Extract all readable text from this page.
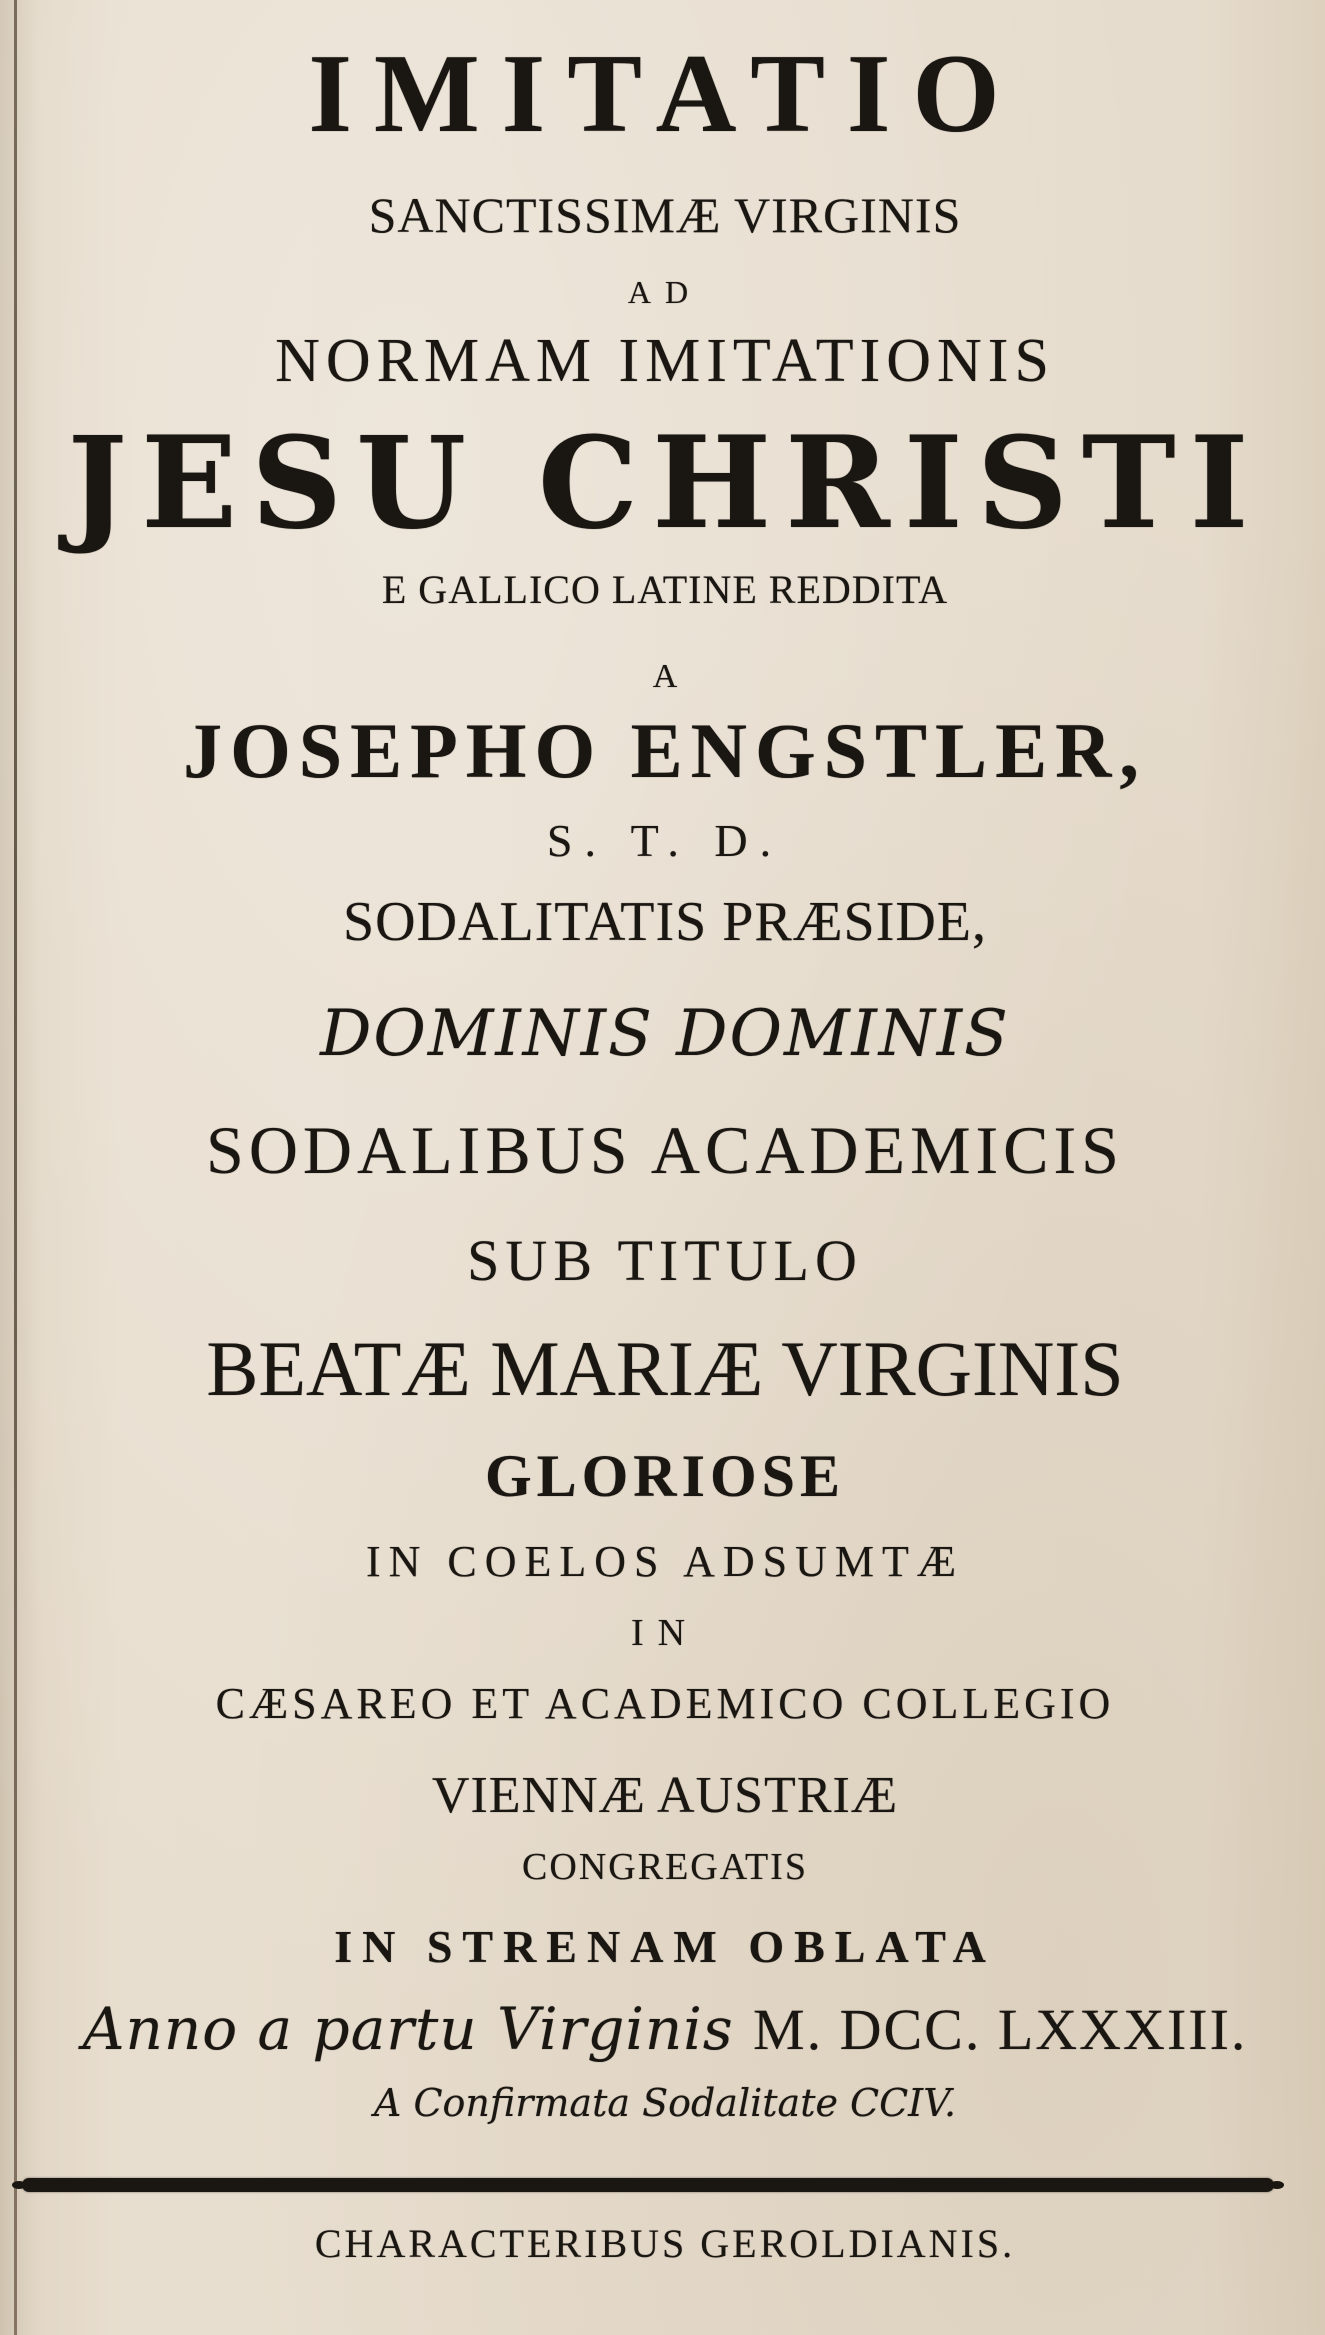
IMITATIO
SANCTISSIMÆ VIRGINIS
AD
NORMAM IMITATIONIS
JESU CHRISTI
E GALLICO LATINE REDDITA
A
JOSEPHO ENGSTLER,
S. T. D.
SODALITATIS PRÆSIDE,
DOMINIS DOMINIS
SODALIBUS ACADEMICIS
SUB TITULO
BEATÆ MARIÆ VIRGINIS
GLORIOSE
IN COELOS ADSUMTÆ
IN
CÆSAREO ET ACADEMICO COLLEGIO
VIENNÆ AUSTRIÆ
CONGREGATIS
IN STRENAM OBLATA
Anno a partu Virginis M. DCC. LXXXIII.
A Confirmata Sodalitate CCIV.
CHARACTERIBUS GEROLDIANIS.
